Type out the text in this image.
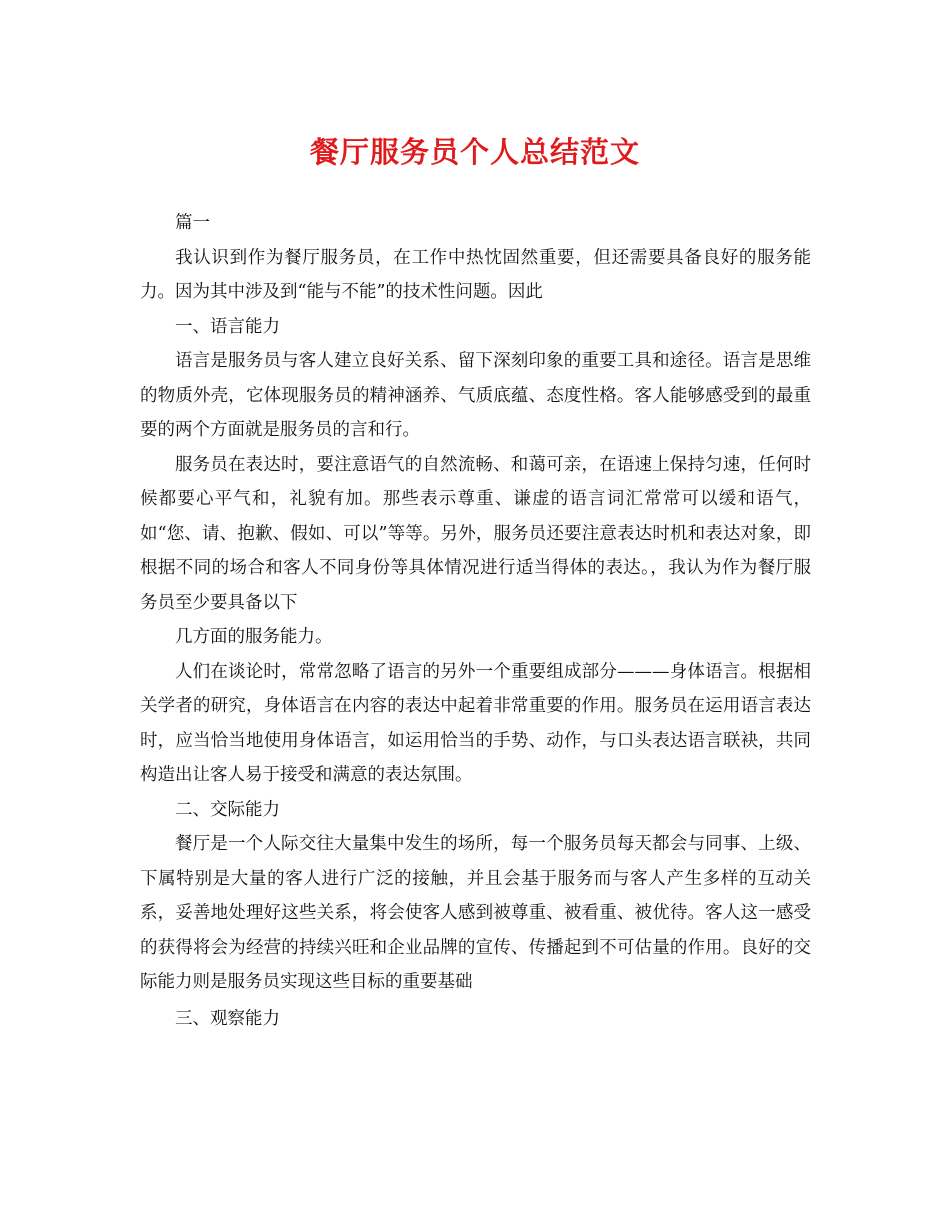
餐厅服务员个人总结范文

篇一

我认识到作为餐厅服务员，在工作中热忱固然重要，但还需要具备良好的服务能力。因为其中涉及到“能与不能”的技术性问题。因此

一、语言能力

语言是服务员与客人建立良好关系、留下深刻印象的重要工具和途径。语言是思维的物质外壳，它体现服务员的精神涵养、气质底蕴、态度性格。客人能够感受到的最重要的两个方面就是服务员的言和行。

服务员在表达时，要注意语气的自然流畅、和蔼可亲，在语速上保持匀速，任何时候都要心平气和，礼貌有加。那些表示尊重、谦虚的语言词汇常常可以缓和语气，如“您、请、抱歉、假如、可以”等等。另外，服务员还要注意表达时机和表达对象，即根据不同的场合和客人不同身份等具体情况进行适当得体的表达。，我认为作为餐厅服务员至少要具备以下

几方面的服务能力。

人们在谈论时，常常忽略了语言的另外一个重要组成部分———身体语言。根据相关学者的研究，身体语言在内容的表达中起着非常重要的作用。服务员在运用语言表达时，应当恰当地使用身体语言，如运用恰当的手势、动作，与口头表达语言联袂，共同构造出让客人易于接受和满意的表达氛围。

二、交际能力

餐厅是一个人际交往大量集中发生的场所，每一个服务员每天都会与同事、上级、下属特别是大量的客人进行广泛的接触，并且会基于服务而与客人产生多样的互动关系，妥善地处理好这些关系，将会使客人感到被尊重、被看重、被优待。客人这一感受的获得将会为经营的持续兴旺和企业品牌的宣传、传播起到不可估量的作用。良好的交际能力则是服务员实现这些目标的重要基础

三、观察能力
